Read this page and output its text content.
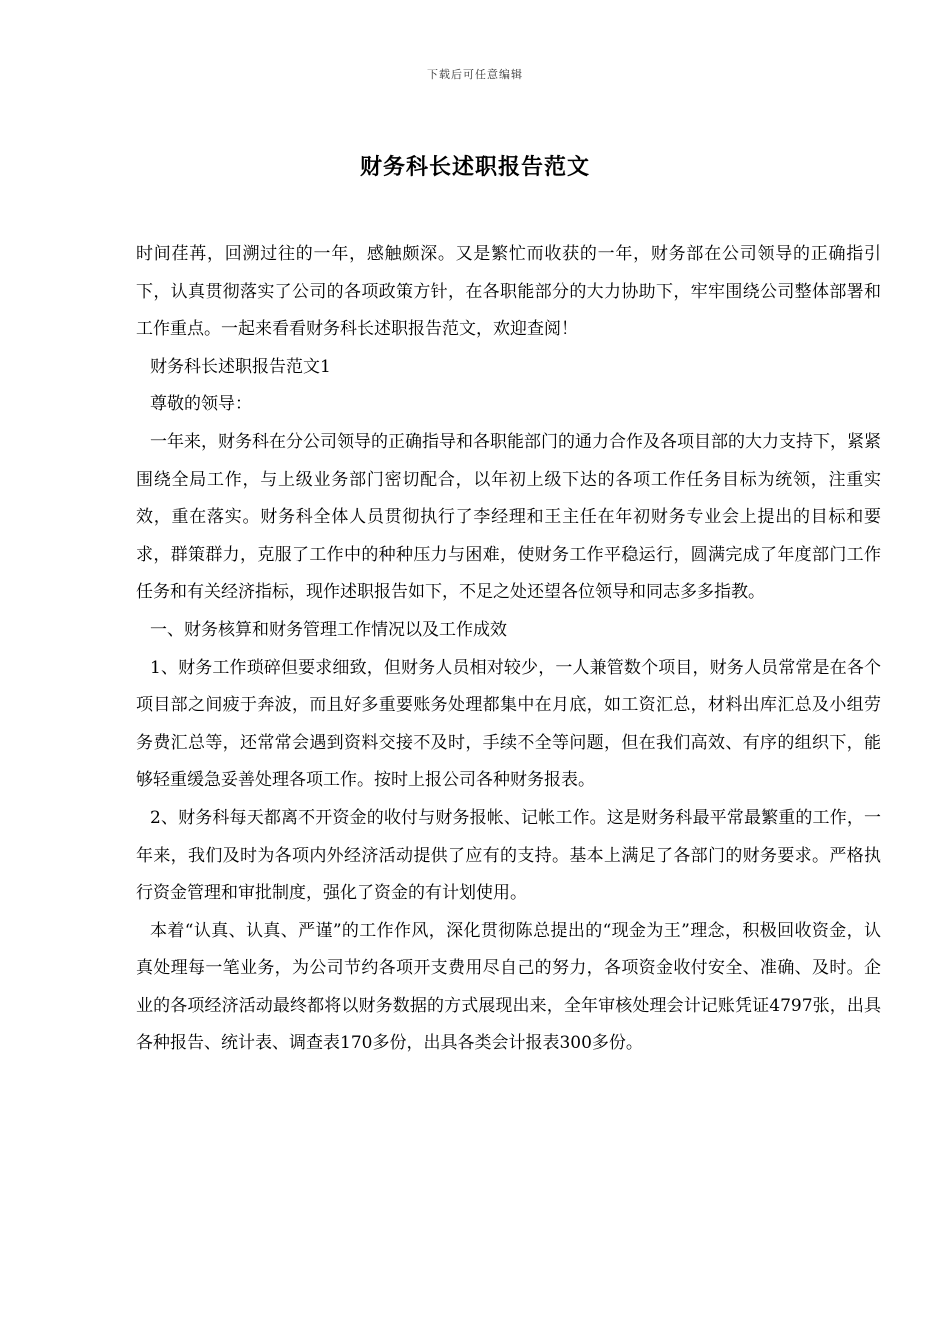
下载后可任意编辑
财务科长述职报告范文

时间荏苒，回溯过往的一年，感触颇深。又是繁忙而收获的一年，财务部在公司领导的正确指引下，认真贯彻落实了公司的各项政策方针，在各职能部分的大力协助下，牢牢围绕公司整体部署和工作重点。一起来看看财务科长述职报告范文，欢迎查阅！

财务科长述职报告范文1

尊敬的领导：

一年来，财务科在分公司领导的正确指导和各职能部门的通力合作及各项目部的大力支持下，紧紧围绕全局工作，与上级业务部门密切配合，以年初上级下达的各项工作任务目标为统领，注重实效，重在落实。财务科全体人员贯彻执行了李经理和王主任在年初财务专业会上提出的目标和要求，群策群力，克服了工作中的种种压力与困难，使财务工作平稳运行，圆满完成了年度部门工作任务和有关经济指标，现作述职报告如下，不足之处还望各位领导和同志多多指教。

一、财务核算和财务管理工作情况以及工作成效

1、财务工作琐碎但要求细致，但财务人员相对较少，一人兼管数个项目，财务人员常常是在各个项目部之间疲于奔波，而且好多重要账务处理都集中在月底，如工资汇总，材料出库汇总及小组劳务费汇总等，还常常会遇到资料交接不及时，手续不全等问题，但在我们高效、有序的组织下，能够轻重缓急妥善处理各项工作。按时上报公司各种财务报表。

2、财务科每天都离不开资金的收付与财务报帐、记帐工作。这是财务科最平常最繁重的工作，一年来，我们及时为各项内外经济活动提供了应有的支持。基本上满足了各部门的财务要求。严格执行资金管理和审批制度，强化了资金的有计划使用。

本着“认真、认真、严谨”的工作作风，深化贯彻陈总提出的“现金为王”理念，积极回收资金，认真处理每一笔业务，为公司节约各项开支费用尽自己的努力，各项资金收付安全、准确、及时。企业的各项经济活动最终都将以财务数据的方式展现出来，全年审核处理会计记账凭证4797张，出具各种报告、统计表、调查表170多份，出具各类会计报表300多份。
